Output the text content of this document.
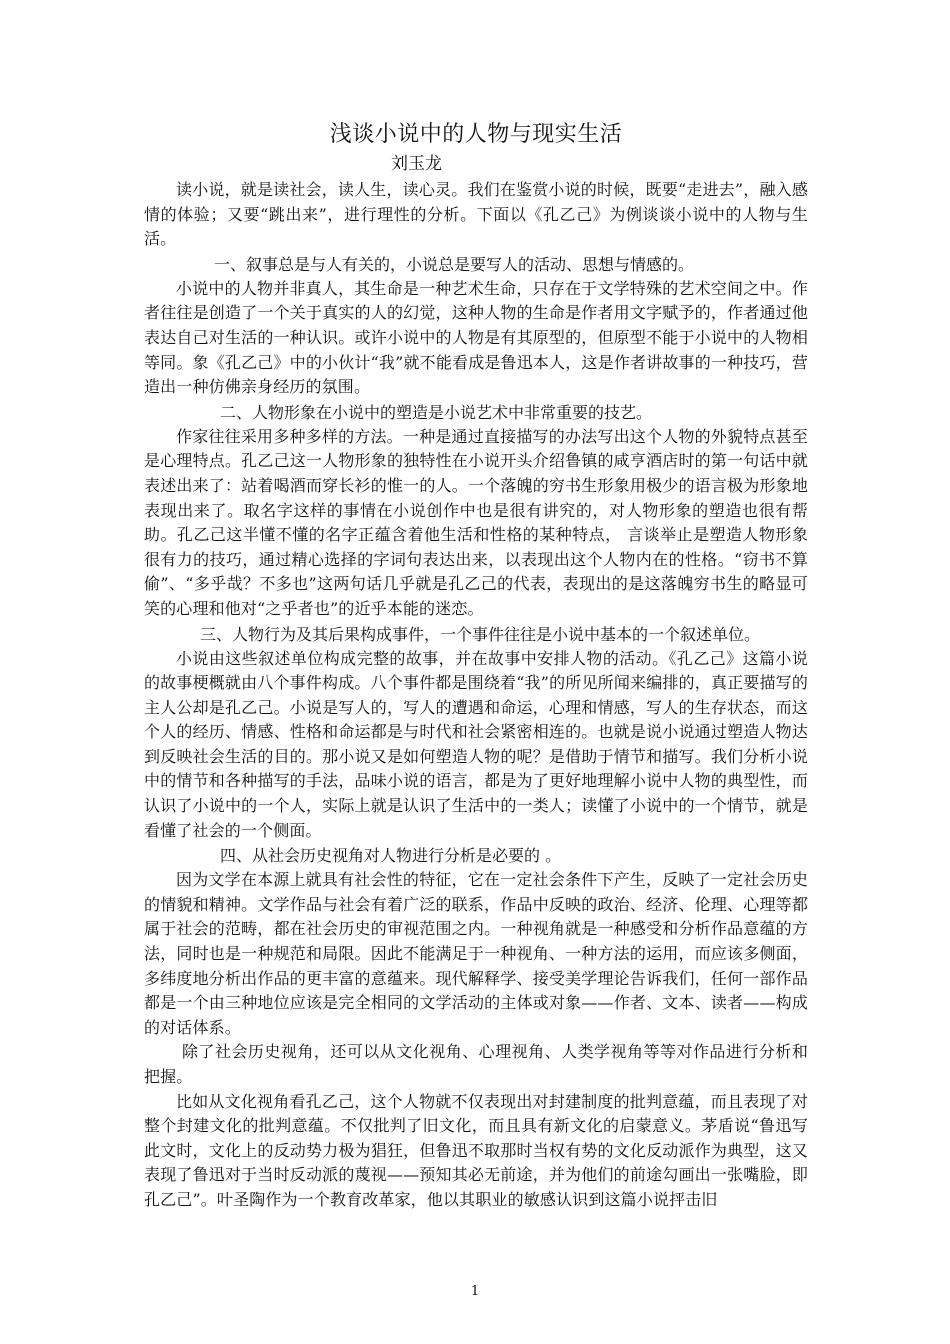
浅谈小说中的人物与现实生活

刘玉龙

读小说，就是读社会，读人生，读心灵。我们在鉴赏小说的时候，既要“走进去”，融入感情的体验；又要“跳出来”，进行理性的分析。下面以《孔乙己》为例谈谈小说中的人物与生活。

一、叙事总是与人有关的，小说总是要写人的活动、思想与情感的。

小说中的人物并非真人，其生命是一种艺术生命，只存在于文学特殊的艺术空间之中。作者往往是创造了一个关于真实的人的幻觉，这种人物的生命是作者用文字赋予的，作者通过他表达自己对生活的一种认识。或许小说中的人物是有其原型的，但原型不能于小说中的人物相等同。象《孔乙己》中的小伙计“我”就不能看成是鲁迅本人，这是作者讲故事的一种技巧，营造出一种仿佛亲身经历的氛围。

二、人物形象在小说中的塑造是小说艺术中非常重要的技艺。

作家往往采用多种多样的方法。一种是通过直接描写的办法写出这个人物的外貌特点甚至是心理特点。孔乙己这一人物形象的独特性在小说开头介绍鲁镇的咸亨酒店时的第一句话中就表述出来了：站着喝酒而穿长衫的惟一的人。一个落魄的穷书生形象用极少的语言极为形象地表现出来了。取名字这样的事情在小说创作中也是很有讲究的，对人物形象的塑造也很有帮助。孔乙己这半懂不懂的名字正蕴含着他生活和性格的某种特点， 言谈举止是塑造人物形象很有力的技巧，通过精心选择的字词句表达出来，以表现出这个人物内在的性格。“窃书不算偷”、“多乎哉？不多也”这两句话几乎就是孔乙己的代表，表现出的是这落魄穷书生的略显可笑的心理和他对“之乎者也”的近乎本能的迷恋。

三、人物行为及其后果构成事件，一个事件往往是小说中基本的一个叙述单位。

小说由这些叙述单位构成完整的故事，并在故事中安排人物的活动。《孔乙己》这篇小说的故事梗概就由八个事件构成。八个事件都是围绕着“我”的所见所闻来编排的，真正要描写的主人公却是孔乙己。小说是写人的，写人的遭遇和命运，心理和情感，写人的生存状态，而这个人的经历、情感、性格和命运都是与时代和社会紧密相连的。也就是说小说通过塑造人物达到反映社会生活的目的。那小说又是如何塑造人物的呢？是借助于情节和描写。我们分析小说中的情节和各种描写的手法，品味小说的语言，都是为了更好地理解小说中人物的典型性，而认识了小说中的一个人，实际上就是认识了生活中的一类人；读懂了小说中的一个情节，就是看懂了社会的一个侧面。

四、从社会历史视角对人物进行分析是必要的 。

因为文学在本源上就具有社会性的特征，它在一定社会条件下产生，反映了一定社会历史的情貌和精神。文学作品与社会有着广泛的联系，作品中反映的政治、经济、伦理、心理等都属于社会的范畴，都在社会历史的审视范围之内。一种视角就是一种感受和分析作品意蕴的方法，同时也是一种规范和局限。因此不能满足于一种视角、一种方法的运用，而应该多侧面，多纬度地分析出作品的更丰富的意蕴来。现代解释学、接受美学理论告诉我们，任何一部作品都是一个由三种地位应该是完全相同的文学活动的主体或对象——作者、文本、读者——构成的对话体系。

除了社会历史视角，还可以从文化视角、心理视角、人类学视角等等对作品进行分析和把握。

比如从文化视角看孔乙己，这个人物就不仅表现出对封建制度的批判意蕴，而且表现了对整个封建文化的批判意蕴。不仅批判了旧文化，而且具有新文化的启蒙意义。茅盾说“鲁迅写此文时，文化上的反动势力极为猖狂，但鲁迅不取那时当权有势的文化反动派作为典型，这又表现了鲁迅对于当时反动派的蔑视——预知其必无前途，并为他们的前途勾画出一张嘴脸，即孔乙己”。叶圣陶作为一个教育改革家，他以其职业的敏感认识到这篇小说抨击旧

1
